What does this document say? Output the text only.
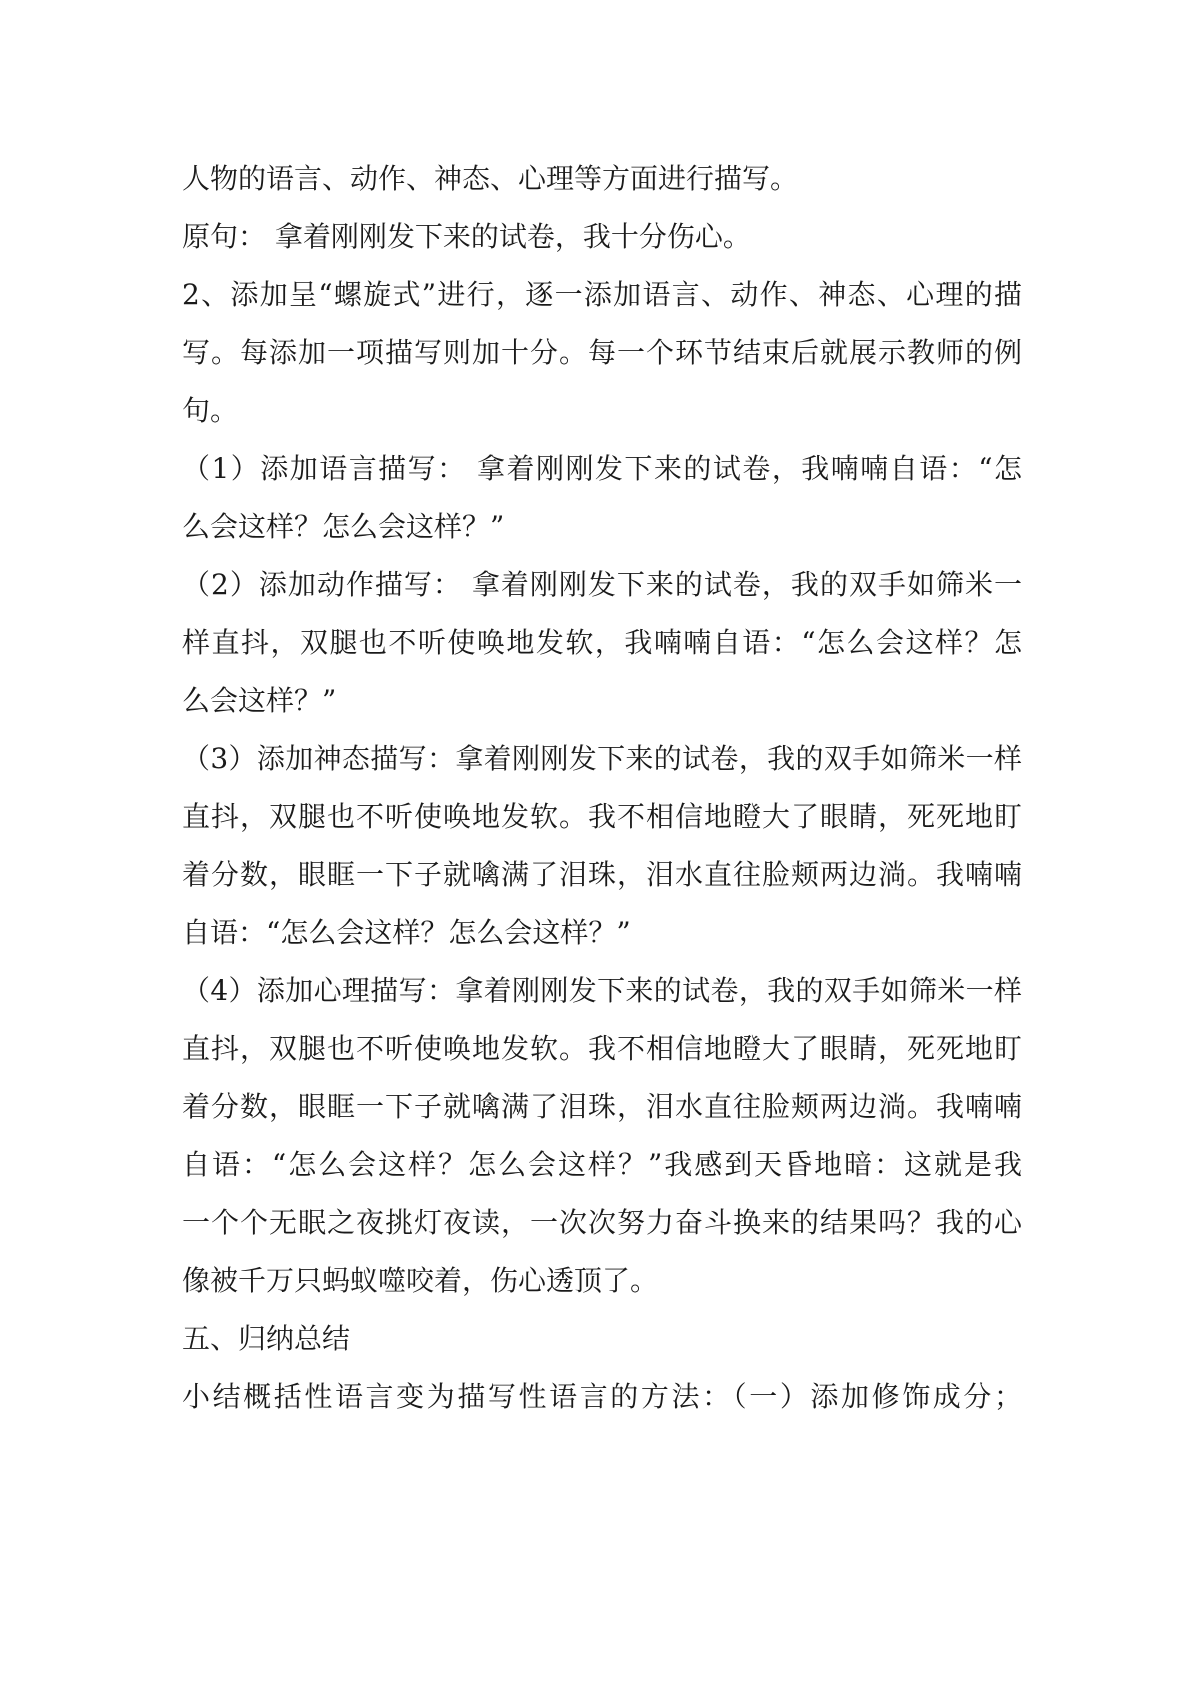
人物的语言、动作、神态、心理等方面进行描写。
原句： 拿着刚刚发下来的试卷，我十分伤心。
2、添加呈“螺旋式”进行，逐一添加语言、动作、神态、心理的描
写。每添加一项描写则加十分。每一个环节结束后就展示教师的例
句。
（1）添加语言描写： 拿着刚刚发下来的试卷，我喃喃自语：“怎
么会这样？怎么会这样？”
（2）添加动作描写： 拿着刚刚发下来的试卷，我的双手如筛米一
样直抖，双腿也不听使唤地发软，我喃喃自语：“怎么会这样？怎
么会这样？”
（3）添加神态描写：拿着刚刚发下来的试卷，我的双手如筛米一样
直抖，双腿也不听使唤地发软。我不相信地瞪大了眼睛，死死地盯
着分数，眼眶一下子就噙满了泪珠，泪水直往脸颊两边淌。我喃喃
自语：“怎么会这样？怎么会这样？”
（4）添加心理描写：拿着刚刚发下来的试卷，我的双手如筛米一样
直抖，双腿也不听使唤地发软。我不相信地瞪大了眼睛，死死地盯
着分数，眼眶一下子就噙满了泪珠，泪水直往脸颊两边淌。我喃喃
自语：“怎么会这样？怎么会这样？”我感到天昏地暗：这就是我
一个个无眠之夜挑灯夜读，一次次努力奋斗换来的结果吗？我的心
像被千万只蚂蚁噬咬着，伤心透顶了。
五、归纳总结
小结概括性语言变为描写性语言的方法：（一）添加修饰成分；
